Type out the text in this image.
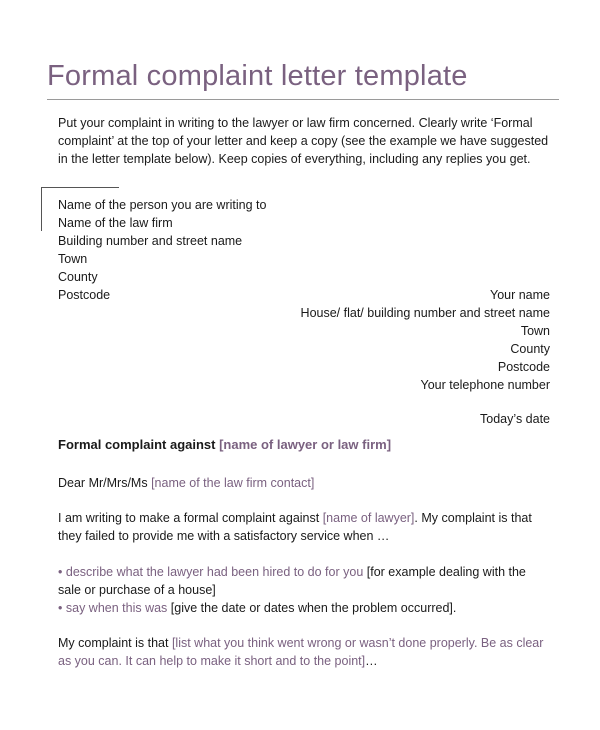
Formal complaint letter template
Put your complaint in writing to the lawyer or law firm concerned. Clearly write ‘Formal
complaint’ at the top of your letter and keep a copy (see the example we have suggested
in the letter template below). Keep copies of everything, including any replies you get.
Name of the person you are writing to
Name of the law firm
Building number and street name
Town
County
Postcode	Your name
House/ flat/ building number and street name
Town
County
Postcode
Your telephone number
Today’s date
Formal complaint against [name of lawyer or law firm]
Dear Mr/Mrs/Ms [name of the law firm contact]
I am writing to make a formal complaint against [name of lawyer]. My complaint is that
they failed to provide me with a satisfactory service when …
• describe what the lawyer had been hired to do for you [for example dealing with the
sale or purchase of a house]
• say when this was [give the date or dates when the problem occurred].
My complaint is that [list what you think went wrong or wasn’t done properly. Be as clear
as you can. It can help to make it short and to the point]…
